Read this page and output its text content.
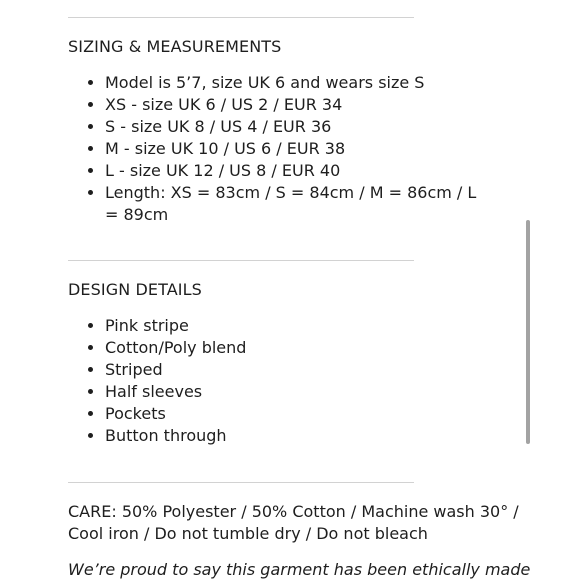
SIZING & MEASUREMENTS
• Model is 5’7, size UK 6 and wears size S
• XS - size UK 6 / US 2 / EUR 34
• S - size UK 8 / US 4 / EUR 36
• M - size UK 10 / US 6 / EUR 38
• L - size UK 12 / US 8 / EUR 40
• Length: XS = 83cm / S = 84cm / M = 86cm / L = 89cm
DESIGN DETAILS
• Pink stripe
• Cotton/Poly blend
• Striped
• Half sleeves
• Pockets
• Button through
CARE: 50% Polyester / 50% Cotton / Machine wash 30° / Cool iron / Do not tumble dry / Do not bleach
We’re proud to say this garment has been ethically made
